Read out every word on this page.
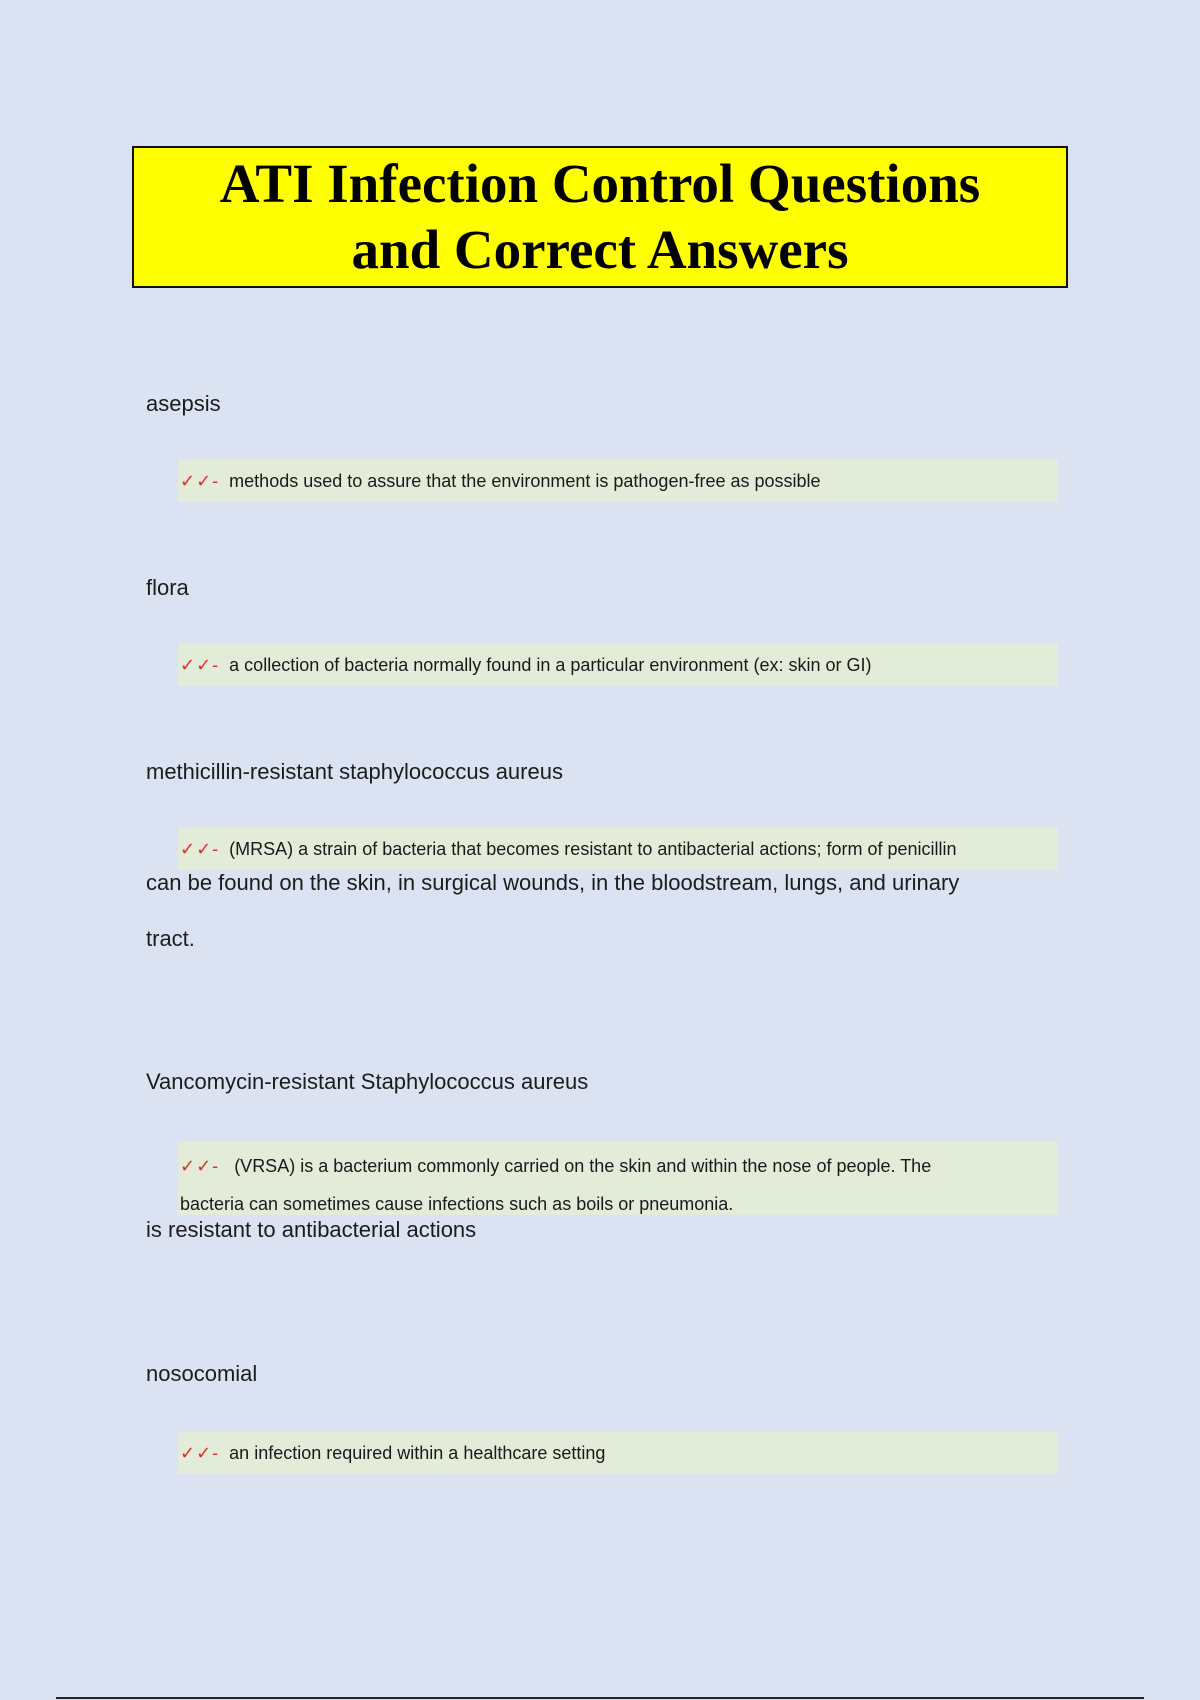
ATI Infection Control Questions
and Correct Answers
asepsis
✓✓- methods used to assure that the environment is pathogen-free as possible
flora
✓✓- a collection of bacteria normally found in a particular environment (ex: skin or GI)
methicillin-resistant staphylococcus aureus
✓✓- (MRSA) a strain of bacteria that becomes resistant to antibacterial actions; form of penicillin
can be found on the skin, in surgical wounds, in the bloodstream, lungs, and urinary
tract.
Vancomycin-resistant Staphylococcus aureus
✓✓- (VRSA) is a bacterium commonly carried on the skin and within the nose of people. The
bacteria can sometimes cause infections such as boils or pneumonia.
is resistant to antibacterial actions
nosocomial
✓✓- an infection required within a healthcare setting
